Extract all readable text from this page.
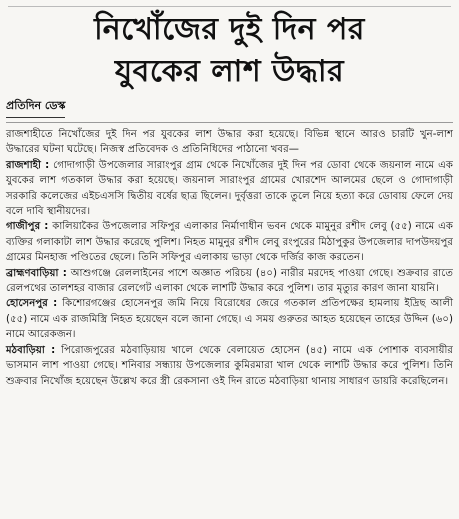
নিখোঁজের দুই দিন পর
যুবকের লাশ উদ্ধার
প্রতিদিন ডেস্ক

রাজশাহীতে নিখোঁজের দুই দিন পর যুবকের লাশ উদ্ধার করা হয়েছে। বিভিন্ন স্থানে আরও চারটি খুন-লাশ উদ্ধারের ঘটনা ঘটেছে। নিজস্ব প্রতিবেদক ও প্রতিনিধিদের পাঠানো খবর—

রাজশাহী : গোদাগাড়ী উপজেলার সারাংপুর গ্রাম থেকে নিখোঁজের দুই দিন পর ডোবা থেকে জয়নাল নামে এক যুবকের লাশ গতকাল উদ্ধার করা হয়েছে। জয়নাল সারাংপুর গ্রামের খোরশেদ আলমের ছেলে ও গোদাগাড়ী সরকারি কলেজের এইচএসসি দ্বিতীয় বর্ষের ছাত্র ছিলেন। দুর্বৃত্তরা তাকে তুলে নিয়ে হত্যা করে ডোবায় ফেলে দেয় বলে দাবি স্থানীয়দের।

গাজীপুর : কালিয়াকৈর উপজেলার সফিপুর এলাকার নির্মাণাধীন ভবন থেকে মামুনুর রশীদ লেবু (৫৫) নামে এক ব্যক্তির গলাকাটা লাশ উদ্ধার করেছে পুলিশ। নিহত মামুনুর রশীদ লেবু রংপুরের মিঠাপুকুর উপজেলার দাপউদয়পুর গ্রামের মিনহাজ পণ্ডিতের ছেলে। তিনি সফিপুর এলাকায় ভাড়া থেকে দর্জির কাজ করতেন।

ব্রাহ্মণবাড়িয়া : আশুগঞ্জে রেললাইনের পাশে অজ্ঞাত পরিচয় (৪০) নারীর মরদেহ পাওয়া গেছে। শুক্রবার রাতে রেলপথের তালশহর বাজার রেলগেট এলাকা থেকে লাশটি উদ্ধার করে পুলিশ। তার মৃত্যুর কারণ জানা যায়নি।

হোসেনপুর : কিশোরগঞ্জের হোসেনপুর জমি নিয়ে বিরোধের জেরে গতকাল প্রতিপক্ষের হামলায় ইদ্রিছ আলী (৫৫) নামে এক রাজমিস্ত্রি নিহত হয়েছেন বলে জানা গেছে। এ সময় গুরুতর আহত হয়েছেন তাহের উদ্দিন (৬০) নামে আরেকজন।

মঠবাড়িয়া : পিরোজপুরের মঠবাড়িয়ায় খালে থেকে বেলায়েত হোসেন (৪৫) নামে এক পোশাক ব্যবসায়ীর ভাসমান লাশ পাওয়া গেছে। শনিবার সন্ধ্যায় উপজেলার কুমিরমারা খাল থেকে লাশটি উদ্ধার করে পুলিশ। তিনি শুক্রবার নিখোঁজ হয়েছেন উল্লেখ করে স্ত্রী রেকসানা ওই দিন রাতে মঠবাড়িয়া থানায় সাধারণ ডায়রি করেছিলেন।
